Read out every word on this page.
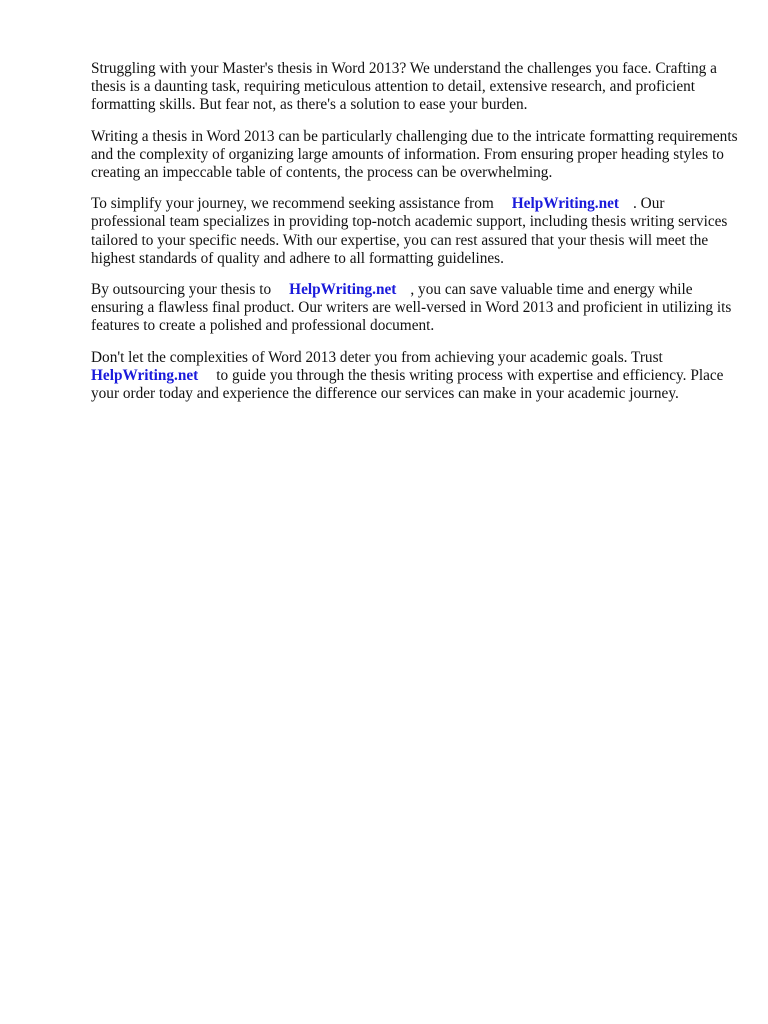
Struggling with your Master's thesis in Word 2013? We understand the challenges you face. Crafting a thesis is a daunting task, requiring meticulous attention to detail, extensive research, and proficient formatting skills. But fear not, as there's a solution to ease your burden.

Writing a thesis in Word 2013 can be particularly challenging due to the intricate formatting requirements and the complexity of organizing large amounts of information. From ensuring proper heading styles to creating an impeccable table of contents, the process can be overwhelming.

To simplify your journey, we recommend seeking assistance from HelpWriting.net . Our professional team specializes in providing top-notch academic support, including thesis writing services tailored to your specific needs. With our expertise, you can rest assured that your thesis will meet the highest standards of quality and adhere to all formatting guidelines.

By outsourcing your thesis to HelpWriting.net , you can save valuable time and energy while ensuring a flawless final product. Our writers are well-versed in Word 2013 and proficient in utilizing its features to create a polished and professional document.

Don't let the complexities of Word 2013 deter you from achieving your academic goals. Trust HelpWriting.net to guide you through the thesis writing process with expertise and efficiency. Place your order today and experience the difference our services can make in your academic journey.
